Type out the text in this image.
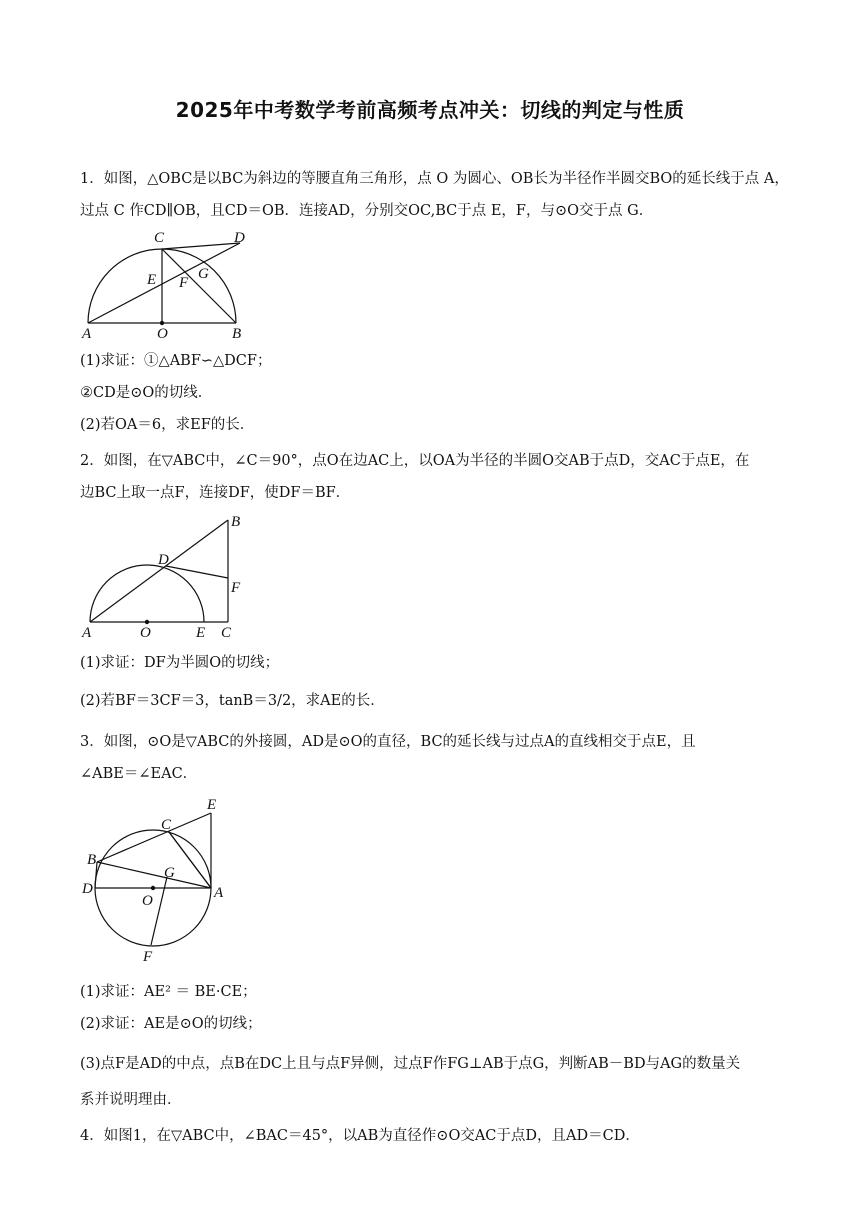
2025年中考数学考前高频考点冲关：切线的判定与性质
1．如图，△OBC是以BC为斜边的等腰直角三角形，点 O 为圆心、OB长为半径作半圆交BO的延长线于点 A，
过点 C 作CD∥OB，且CD＝OB．连接AD，分别交OC,BC于点 E，F，与⊙O交于点 G．
C	D
E	G
F
A	O	B
(1)求证：①△ABF∽△DCF；
②CD是⊙O的切线．
(2)若OA＝6，求EF的长．
2．如图，在▽ABC中，∠C＝90°，点O在边AC上，以OA为半径的半圆O交AB于点D，交AC于点E，在
边BC上取一点F，连接DF，使DF＝BF．
B
D
F
A	O	E C
(1)求证：DF为半圆O的切线；
(2)若BF＝3CF＝3，tanB＝3/2，求AE的长．
3．如图，⊙O是▽ABC的外接圆，AD是⊙O的直径，BC的延长线与过点A的直线相交于点E，且
∠ABE＝∠EAC．
E
C
B
G
D
O	A
F
(1)求证：AE² ＝ BE·CE；
(2)求证：AE是⊙O的切线；
(3)点F是AD的中点，点B在DC上且与点F异侧，过点F作FG⊥AB于点G，判断AB－BD与AG的数量关
系并说明理由．
4．如图1，在▽ABC中，∠BAC＝45°，以AB为直径作⊙O交AC于点D，且AD＝CD．
